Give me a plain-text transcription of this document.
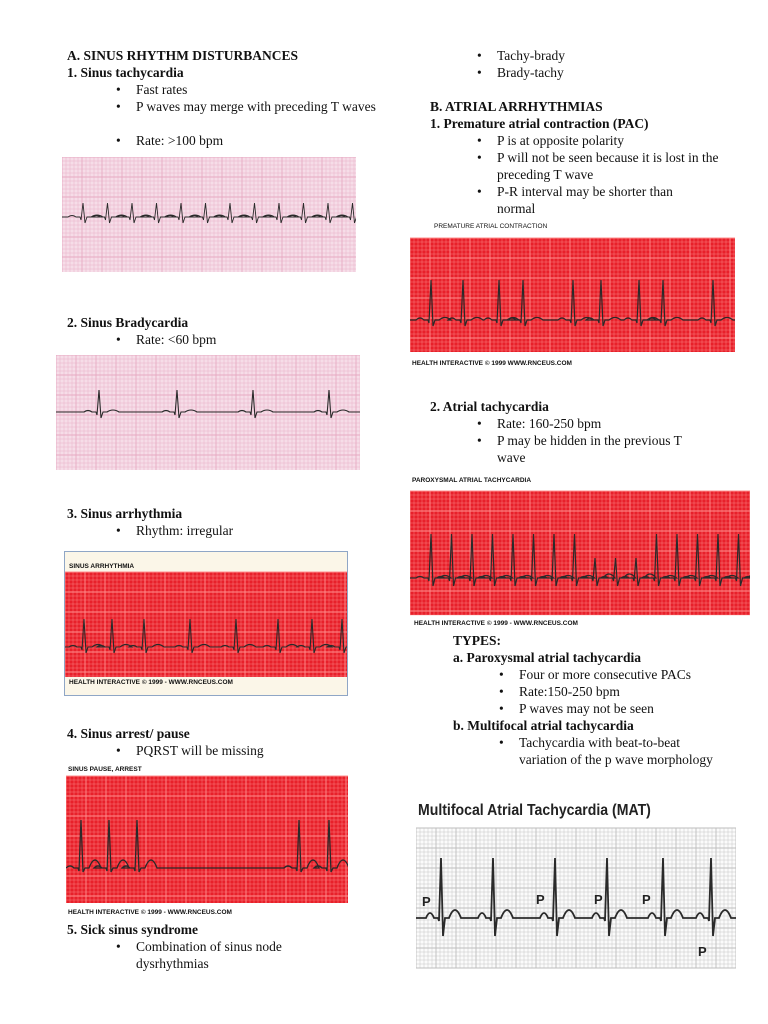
A. SINUS RHYTHM DISTURBANCES
1. Sinus tachycardia
• Fast rates
• P waves may merge with preceding T waves
• Rate: >100 bpm
2. Sinus Bradycardia
• Rate: <60 bpm
3. Sinus arrhythmia
• Rhythm: irregular
SINUS ARRHYTHMIA
HEALTH INTERACTIVE © 1999 - WWW.RNCEUS.COM
4. Sinus arrest/ pause
• PQRST will be missing
SINUS PAUSE, ARREST
HEALTH INTERACTIVE © 1999 - WWW.RNCEUS.COM
5. Sick sinus syndrome
• Combination of sinus node dysrhythmias
• Tachy-brady
• Brady-tachy
B. ATRIAL ARRHYTHMIAS
1. Premature atrial contraction (PAC)
• P is at opposite polarity
• P will not be seen because it is lost in the preceding T wave
• P-R interval may be shorter than normal
PREMATURE ATRIAL CONTRACTION
HEALTH INTERACTIVE © 1999 WWW.RNCEUS.COM
2. Atrial tachycardia
• Rate: 160-250 bpm
• P may be hidden in the previous T wave
PAROXYSMAL ATRIAL TACHYCARDIA
HEALTH INTERACTIVE © 1999 - WWW.RNCEUS.COM
TYPES:
a. Paroxysmal atrial tachycardia
• Four or more consecutive PACs
• Rate:150-250 bpm
• P waves may not be seen
b. Multifocal atrial tachycardia
• Tachycardia with beat-to-beat variation of the p wave morphology
P	P	P	P
P
Multifocal Atrial Tachycardia (MAT)
